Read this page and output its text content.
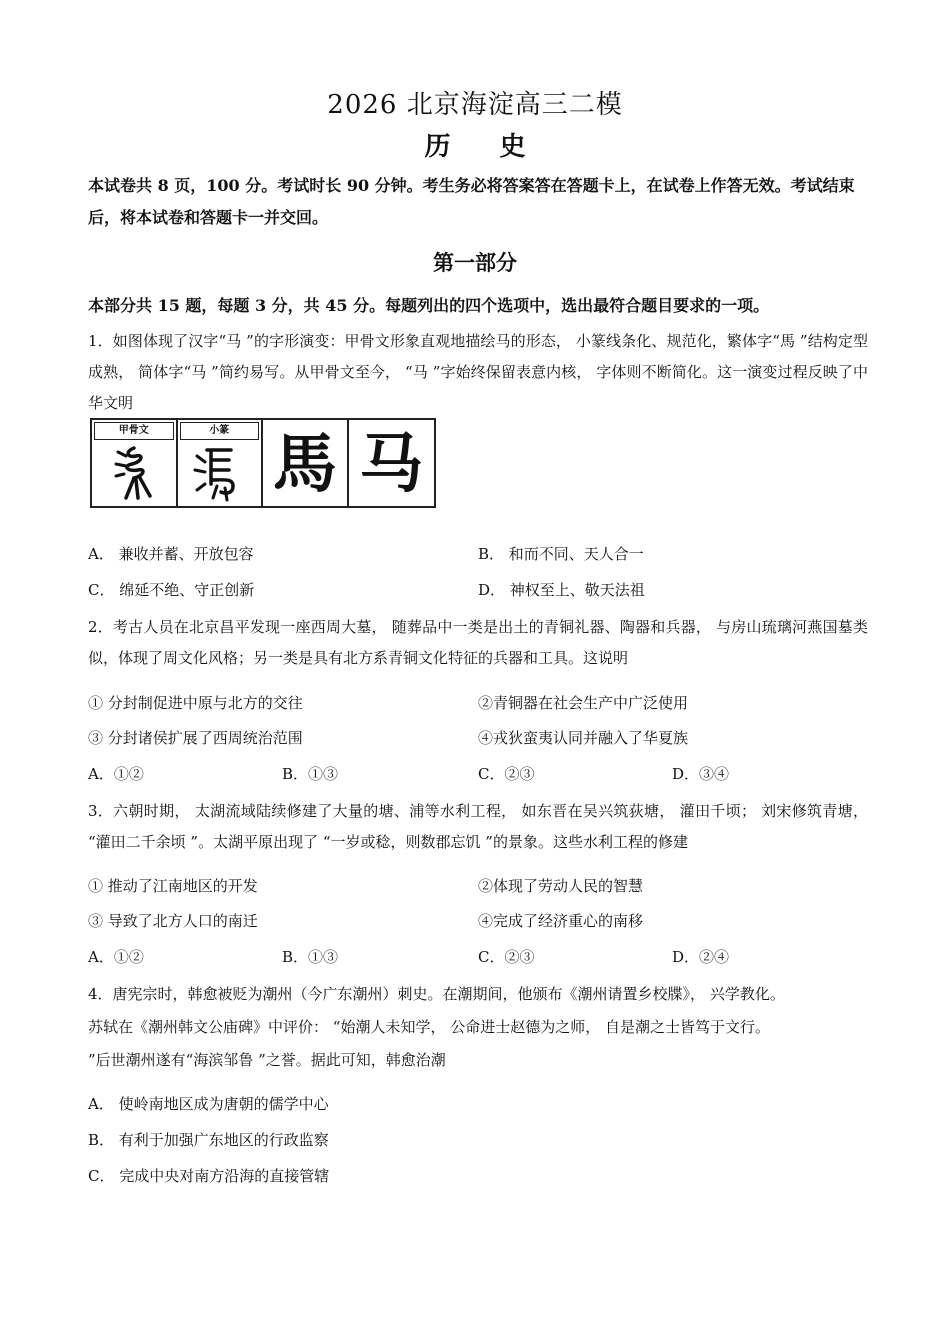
2026 北京海淀高三二模
历 史
本试卷共 8 页，100 分。考试时长 90 分钟。考生务必将答案答在答题卡上，在试卷上作答无效。考试结束后，将本试卷和答题卡一并交回。
第一部分
本部分共 15 题，每题 3 分，共 45 分。每题列出的四个选项中，选出最符合题目要求的一项。
1．如图体现了汉字“马 ”的字形演变：甲骨文形象直观地描绘马的形态， 小篆线条化、规范化，繁体字“馬 ”结构定型成熟， 简体字“马 ”简约易写。从甲骨文至今， “马 ”字始终保留表意内核， 字体则不断简化。这一演变过程反映了中华文明
甲骨文	小篆 馬 马
A． 兼收并蓄、开放包容	B． 和而不同、天人合一
C． 绵延不绝、守正创新	D． 神权至上、敬天法祖
2．考古人员在北京昌平发现一座西周大墓， 随葬品中一类是出土的青铜礼器、陶器和兵器， 与房山琉璃河燕国墓类似，体现了周文化风格；另一类是具有北方系青铜文化特征的兵器和工具。这说明
① 分封制促进中原与北方的交往	②青铜器在社会生产中广泛使用
③ 分封诸侯扩展了西周统治范围	④戎狄蛮夷认同并融入了华夏族
A．①②	B．①③	C．②③	D．③④
3．六朝时期， 太湖流域陆续修建了大量的塘、浦等水利工程， 如东晋在吴兴筑荻塘， 灌田千顷； 刘宋修筑青塘， “灌田二千余顷 ”。太湖平原出现了 “一岁或稔，则数郡忘饥 ”的景象。这些水利工程的修建
① 推动了江南地区的开发	②体现了劳动人民的智慧
③ 导致了北方人口的南迁	④完成了经济重心的南移
A．①②	B．①③	C．②③	D．②④
4．唐宪宗时，韩愈被贬为潮州（今广东潮州）刺史。在潮期间，他颁布《潮州请置乡校牒》， 兴学教化。
苏轼在《潮州韩文公庙碑》中评价： “始潮人未知学， 公命进士赵德为之师， 自是潮之士皆笃于文行。
”后世潮州遂有“海滨邹鲁 ”之誉。据此可知，韩愈治潮
A． 使岭南地区成为唐朝的儒学中心
B． 有利于加强广东地区的行政监察
C． 完成中央对南方沿海的直接管辖
